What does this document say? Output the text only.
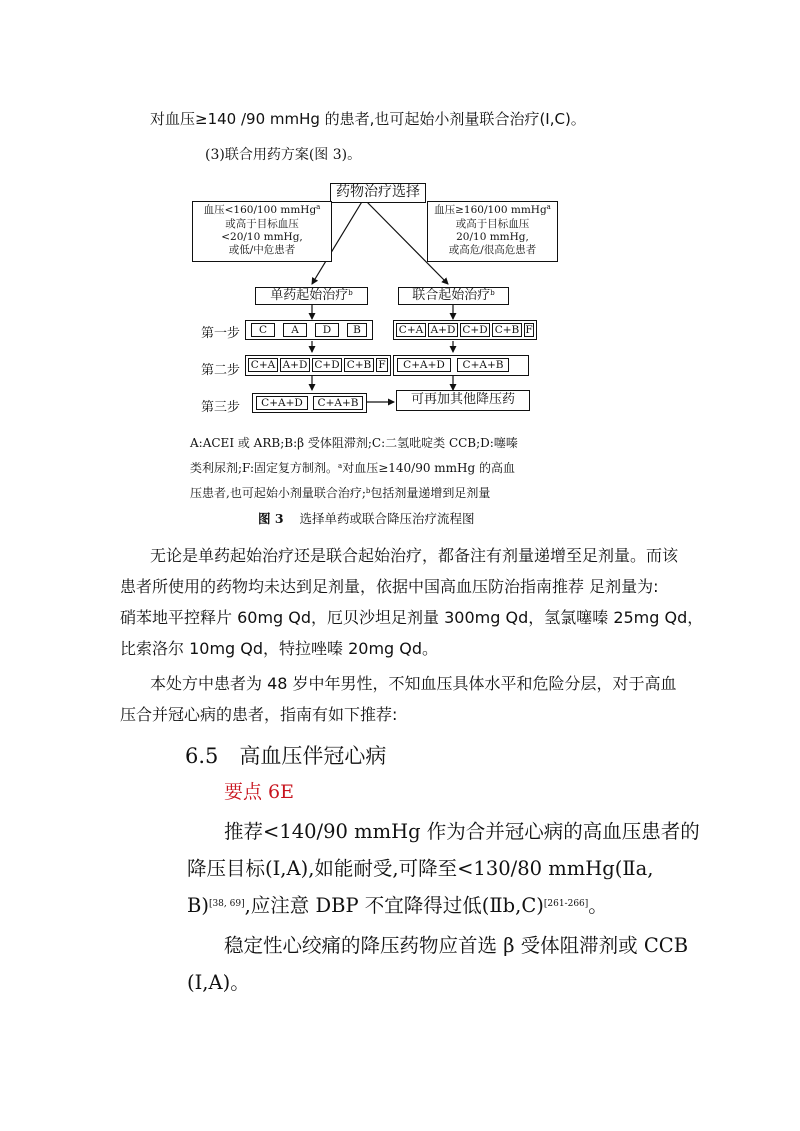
对血压≥140 /90 mmHg 的患者,也可起始小剂量联合治疗(Ⅰ,C)。
(3)联合用药方案(图 3)。
药物治疗选择
血压<160/100 mmHg$^a$
或高于目标血压
<20/10 mmHg,
或低/中危患者
血压≥160/100 mmHg$^a$
或高于目标血压
20/10 mmHg,
或高危/很高危患者
单药起始治疗$^b$	联合起始治疗$^b$
第一步
第二步
第三步
C	A	D	B	C+A A+D C+D C+B F
C+A A+D C+D C+B F	C+A+D	C+A+B
C+A+D	C+A+B	可再加其他降压药
A:ACEI 或 ARB;B:β 受体阻滞剂;C:二氢吡啶类 CCB;D:噻嗪
类利尿剂;F:固定复方制剂。$^a$对血压≥140/90 mmHg 的高血
压患者,也可起始小剂量联合治疗;$^b$包括剂量递增到足剂量
图 3 选择单药或联合降压治疗流程图
无论是单药起始治疗还是联合起始治疗，都备注有剂量递增至足剂量。而该
患者所使用的药物均未达到足剂量，依据中国高血压防治指南推荐 足剂量为:
硝苯地平控释片 60mg Qd，厄贝沙坦足剂量 300mg Qd，氢氯噻嗪 25mg Qd，
比索洛尔 10mg Qd，特拉唑嗪 20mg Qd。
本处方中患者为 48 岁中年男性，不知血压具体水平和危险分层，对于高血
压合并冠心病的患者，指南有如下推荐:
6.5　高血压伴冠心病
要点 6E
推荐<140/90 mmHg 作为合并冠心病的高血压患者的
降压目标(Ⅰ,A),如能耐受,可降至<130/80 mmHg(Ⅱa,
B)[38, 69],应注意 DBP 不宜降得过低(Ⅱb,C)[261-266]。
稳定性心绞痛的降压药物应首选 β 受体阻滞剂或 CCB
(Ⅰ,A)。
